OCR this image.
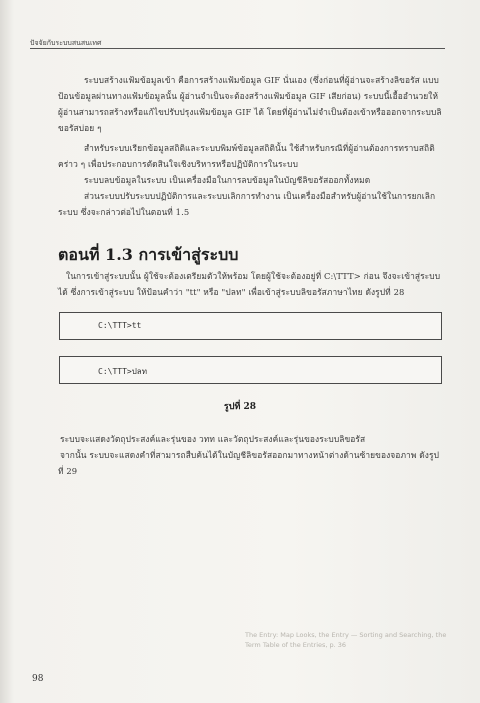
ปัจจัยกับระบบสนสนเทศ
ระบบสร้างแฟ้มข้อมูลเข้า คือการสร้างแฟ้มข้อมูล GIF นั่นเอง (ซึ่งก่อนที่ผู้อ่านจะสร้างลิขอรัส แบบป้อนข้อมูลผ่านทางแฟ้มข้อมูลนั้น ผู้อ่านจำเป็นจะต้องสร้างแฟ้มข้อมูล GIF เสียก่อน) ระบบนี้เอื้ออำนวยให้ผู้อ่านสามารถสร้างหรือแก้ไขปรับปรุงแฟ้มข้อมูล GIF ได้ โดยที่ผู้อ่านไม่จำเป็นต้องเข้าหรือออกจากระบบลิขอรัสบ่อย ๆ
สำหรับระบบเรียกข้อมูลสถิติและระบบพิมพ์ข้อมูลสถิตินั้น ใช้สำหรับกรณีที่ผู้อ่านต้องการทราบสถิติคร่าว ๆ เพื่อประกอบการตัดสินใจเชิงบริหารหรือปฏิบัติการในระบบ
ระบบลบข้อมูลในระบบ เป็นเครื่องมือในการลบข้อมูลในบัญชีลิขอรัสออกทั้งหมด
ส่วนระบบปรับระบบปฏิบัติการและระบบเลิกการทำงาน เป็นเครื่องมือสำหรับผู้อ่านใช้ในการยกเลิกระบบ ซึ่งจะกล่าวต่อไปในตอนที่ 1.5
ตอนที่ 1.3 การเข้าสู่ระบบ
ในการเข้าสู่ระบบนั้น ผู้ใช้จะต้องเตรียมตัวให้พร้อม โดยผู้ใช้จะต้องอยู่ที่ C:\TTT> ก่อน จึงจะเข้าสู่ระบบได้ ซึ่งการเข้าสู่ระบบ ให้ป้อนคำว่า "tt" หรือ "ปลท" เพื่อเข้าสู่ระบบลิขอรัสภาษาไทย ดังรูปที่ 28
C:\TTT>tt
C:\TTT>ปลท
รูปที่ 28
ระบบจะแสดงวัตถุประสงค์และรุ่นของ วทท และวัตถุประสงค์และรุ่นของระบบลิขอรัส
จากนั้น ระบบจะแสดงคำที่สามารถสืบค้นได้ในบัญชีลิขอรัสออกมาทางหน้าต่างด้านซ้ายของจอภาพ ดังรูปที่ 29
The Entry: Map Looks, the Entry — Sorting and Searching, the Term Table of the Entries, p. 36
98
